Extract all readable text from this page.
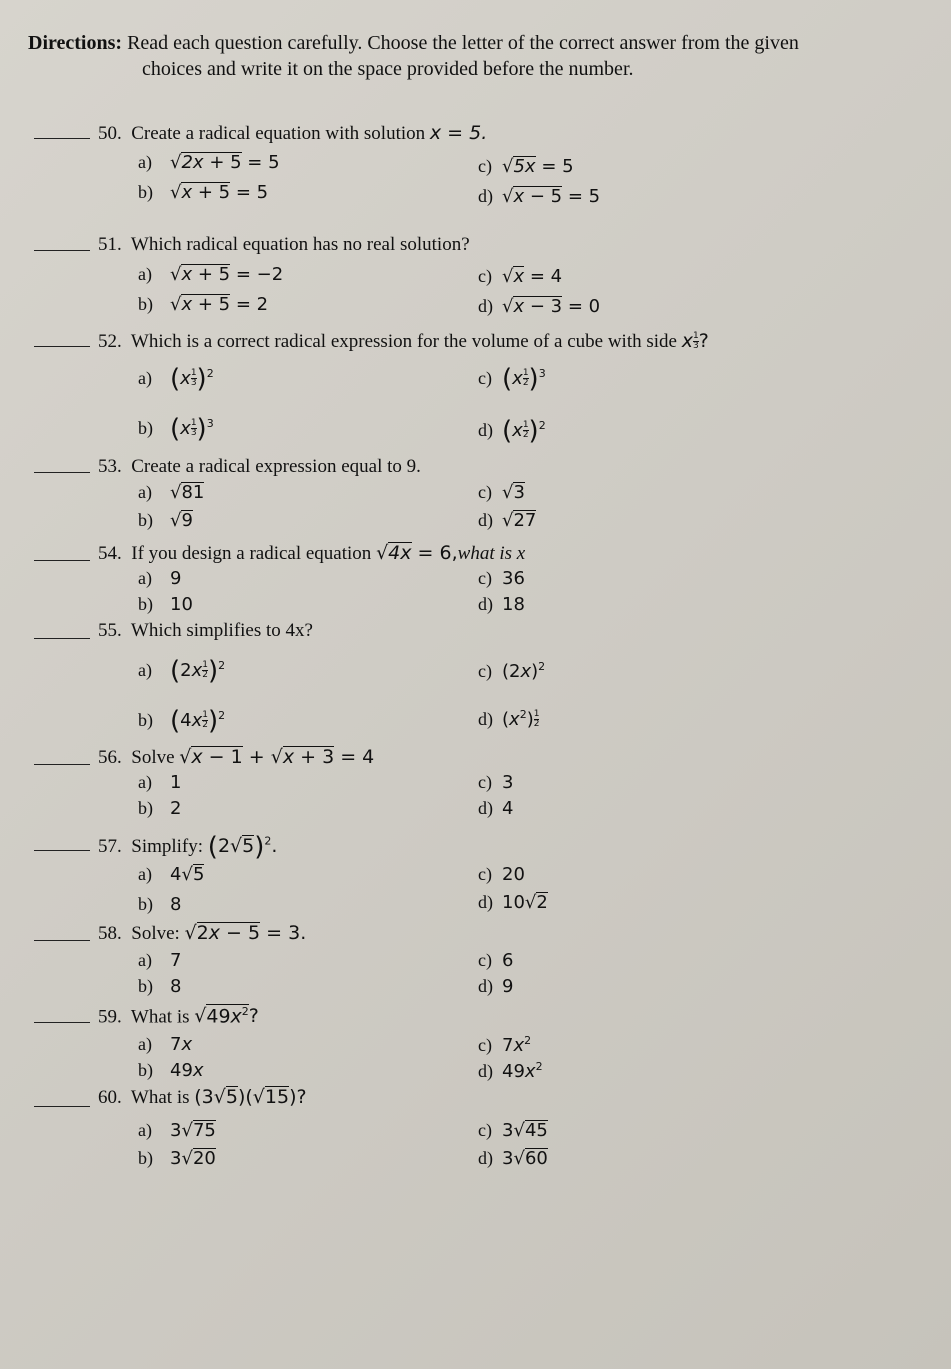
Directions: Read each question carefully. Choose the letter of the correct answer from the given
choices and write it on the space provided before the number.
50. Create a radical equation with solution x = 5.
a) √2x + 5 = 5
b) √x + 5 = 5
c) √5x = 5
d) √x − 5 = 5
51. Which radical equation has no real solution?
a) √x + 5 = −2
b) √x + 5 = 2
c) √x = 4
d) √x − 3 = 0
52. Which is a correct radical expression for the volume of a cube with side x $\frac{1}{3}$ ?
a) $(x \frac{1}{3} )^2$
b) $(x \frac{1}{3} )^3$
c) $(x \frac{1}{2} )^3$
d) $(x \frac{1}{2} )^2$
53. Create a radical expression equal to 9.
a) √81
b) √9
c) √3
d) √27
54. If you design a radical equation √4x = 6,what is x
a) 9
b) 10
c) 36
d) 18
55. Which simplifies to 4x?
a) $(2x \frac{1}{2} )^2$
b) $(4x \frac{1}{2} )^2$
c) $(2x)^2$
d) $(x^2) \frac{1}{2}$
56. Solve √x − 1 + √x + 3 = 4
a) 1
b) 2
c) 3
d) 4
57. Simplify: $(2√5)^2$.
a) 4√5
b) 8
c) 20
d) 10√2
58. Solve: √2x − 5 = 3.
a) 7
b) 8
c) 6
d) 9
59. What is $√49x^2$?
a) 7x
b) 49x
c) $7x^2$
d) $49x^2$
60. What is (3√5)(√15)?
a) 3√75
b) 3√20
c) 3√45
d) 3√60
